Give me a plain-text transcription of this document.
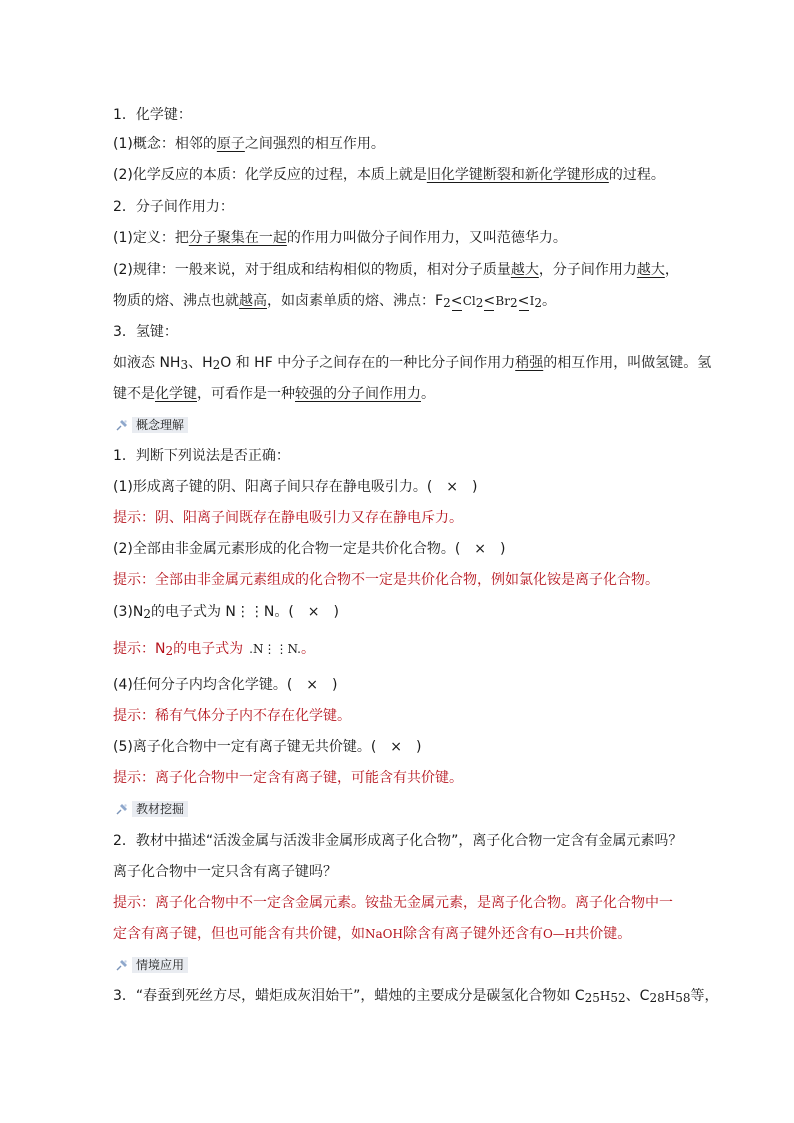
1．化学键：
(1)概念：相邻的原子之间强烈的相互作用。
(2)化学反应的本质：化学反应的过程，本质上就是旧化学键断裂和新化学键形成的过程。
2．分子间作用力：
(1)定义：把分子聚集在一起的作用力叫做分子间作用力，又叫范德华力。
(2)规律：一般来说，对于组成和结构相似的物质，相对分子质量越大，分子间作用力越大，
物质的熔、沸点也就越高，如卤素单质的熔、沸点：$F_2 < Cl_2 < Br_2 < I_2$。
3．氢键：
如液态 $NH_3$、$H_2O$ 和 HF 中分子之间存在的一种比分子间作用力稍强的相互作用，叫做氢键。氢
键不是化学键，可看作是一种较强的分子间作用力。
概念理解
1．判断下列说法是否正确：
(1)形成离子键的阴、阳离子间只存在静电吸引力。(　×　)
提示：阴、阳离子间既存在静电吸引力又存在静电斥力。
(2)全部由非金属元素形成的化合物一定是共价化合物。(　×　)
提示：全部由非金属元素组成的化合物不一定是共价化合物，例如氯化铵是离子化合物。
$(3)N_2$的电子式为 N⋮⋮N。(　×　)
提示：$N_2$的电子式为 .N⋮⋮N.。
(4)任何分子内均含化学键。(　×　)
提示：稀有气体分子内不存在化学键。
(5)离子化合物中一定有离子键无共价键。(　×　)
提示：离子化合物中一定含有离子键，可能含有共价键。
教材挖掘
2．教材中描述“活泼金属与活泼非金属形成离子化合物”，离子化合物一定含有金属元素吗？
离子化合物中一定只含有离子键吗？
提示：离子化合物中不一定含金属元素。铵盐无金属元素，是离子化合物。离子化合物中一
定含有离子键，但也可能含有共价键，如NaOH除含有离子键外还含有O—H共价键。
情境应用
3．“春蚕到死丝方尽，蜡炬成灰泪始干”，蜡烛的主要成分是碳氢化合物如 $C_{25}H_{52}$、$C_{28}H_{58}$等，
